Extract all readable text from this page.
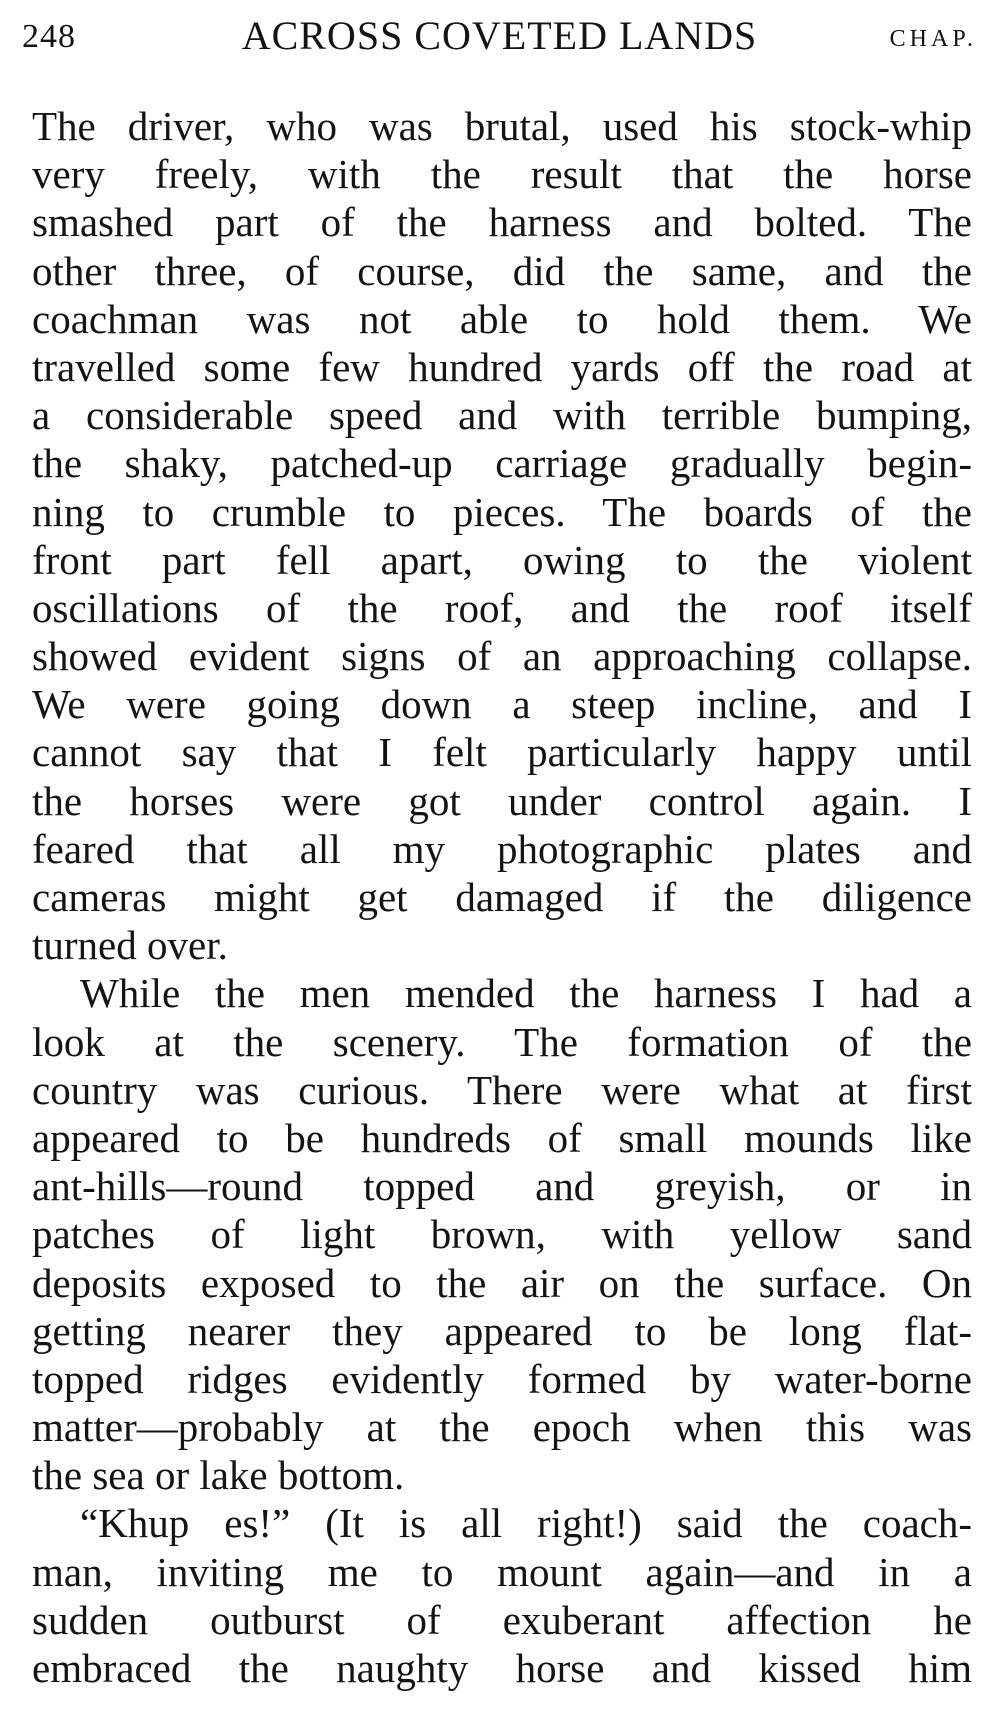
248	ACROSS COVETED LANDS	CHAP.
The driver, who was brutal, used his stock-whip
very freely, with the result that the horse
smashed part of the harness and bolted. The
other three, of course, did the same, and the
coachman was not able to hold them. We
travelled some few hundred yards off the road at
a considerable speed and with terrible bumping,
the shaky, patched-up carriage gradually begin-
ning to crumble to pieces. The boards of the
front part fell apart, owing to the violent
oscillations of the roof, and the roof itself
showed evident signs of an approaching collapse.
We were going down a steep incline, and I
cannot say that I felt particularly happy until
the horses were got under control again. I
feared that all my photographic plates and
cameras might get damaged if the diligence
turned over.
While the men mended the harness I had a
look at the scenery. The formation of the
country was curious. There were what at first
appeared to be hundreds of small mounds like
ant-hills—round topped and greyish, or in
patches of light brown, with yellow sand
deposits exposed to the air on the surface. On
getting nearer they appeared to be long flat-
topped ridges evidently formed by water-borne
matter—probably at the epoch when this was
the sea or lake bottom.
“Khup es!” (It is all right!) said the coach-
man, inviting me to mount again—and in a
sudden outburst of exuberant affection he
embraced the naughty horse and kissed him
